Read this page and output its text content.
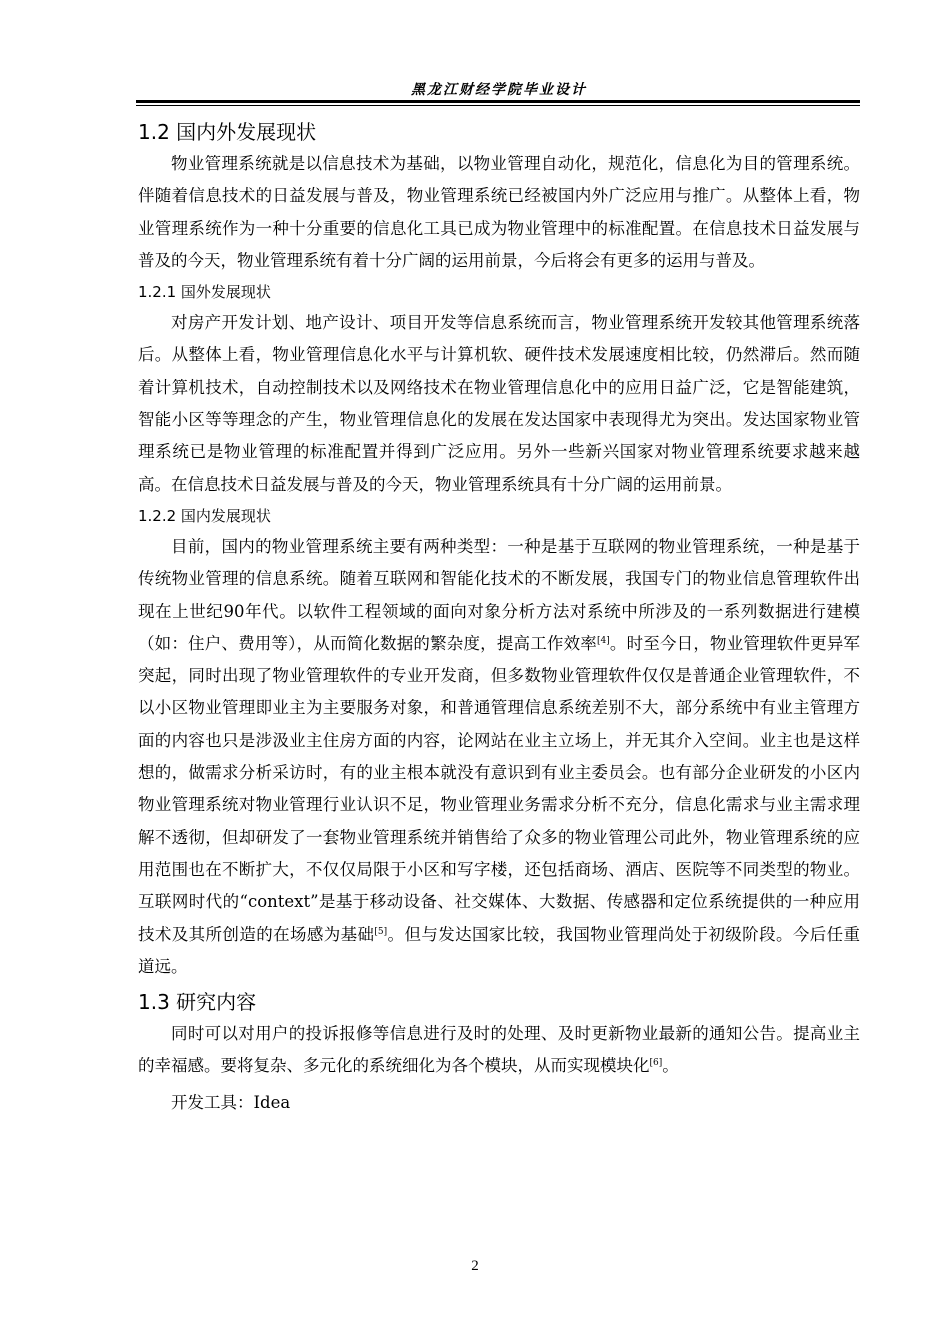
黑龙江财经学院毕业设计
1.2 国内外发展现状

物业管理系统就是以信息技术为基础，以物业管理自动化，规范化，信息化为目的管理系统。伴随着信息技术的日益发展与普及，物业管理系统已经被国内外广泛应用与推广。从整体上看，物业管理系统作为一种十分重要的信息化工具已成为物业管理中的标准配置。在信息技术日益发展与普及的今天，物业管理系统有着十分广阔的运用前景，今后将会有更多的运用与普及。

1.2.1 国外发展现状

对房产开发计划、地产设计、项目开发等信息系统而言，物业管理系统开发较其他管理系统落后。从整体上看，物业管理信息化水平与计算机软、硬件技术发展速度相比较，仍然滞后。然而随着计算机技术，自动控制技术以及网络技术在物业管理信息化中的应用日益广泛，它是智能建筑，智能小区等等理念的产生，物业管理信息化的发展在发达国家中表现得尤为突出。发达国家物业管理系统已是物业管理的标准配置并得到广泛应用。另外一些新兴国家对物业管理系统要求越来越高。在信息技术日益发展与普及的今天，物业管理系统具有十分广阔的运用前景。

1.2.2 国内发展现状

目前，国内的物业管理系统主要有两种类型：一种是基于互联网的物业管理系统，一种是基于传统物业管理的信息系统。随着互联网和智能化技术的不断发展，我国专门的物业信息管理软件出现在上世纪90年代。以软件工程领域的面向对象分析方法对系统中所涉及的一系列数据进行建模（如：住户、费用等），从而简化数据的繁杂度，提高工作效率[4]。时至今日，物业管理软件更异军突起，同时出现了物业管理软件的专业开发商，但多数物业管理软件仅仅是普通企业管理软件，不以小区物业管理即业主为主要服务对象，和普通管理信息系统差别不大，部分系统中有业主管理方面的内容也只是涉汲业主住房方面的内容，论网站在业主立场上，并无其介入空间。业主也是这样想的，做需求分析采访时，有的业主根本就没有意识到有业主委员会。也有部分企业研发的小区内物业管理系统对物业管理行业认识不足，物业管理业务需求分析不充分，信息化需求与业主需求理解不透彻，但却研发了一套物业管理系统并销售给了众多的物业管理公司此外，物业管理系统的应用范围也在不断扩大，不仅仅局限于小区和写字楼，还包括商场、酒店、医院等不同类型的物业。互联网时代的“context”是基于移动设备、社交媒体、大数据、传感器和定位系统提供的一种应用技术及其所创造的在场感为基础[5]。但与发达国家比较，我国物业管理尚处于初级阶段。今后任重道远。

1.3 研究内容

同时可以对用户的投诉报修等信息进行及时的处理、及时更新物业最新的通知公告。提高业主的幸福感。要将复杂、多元化的系统细化为各个模块，从而实现模块化[6]。

开发工具：Idea

2
